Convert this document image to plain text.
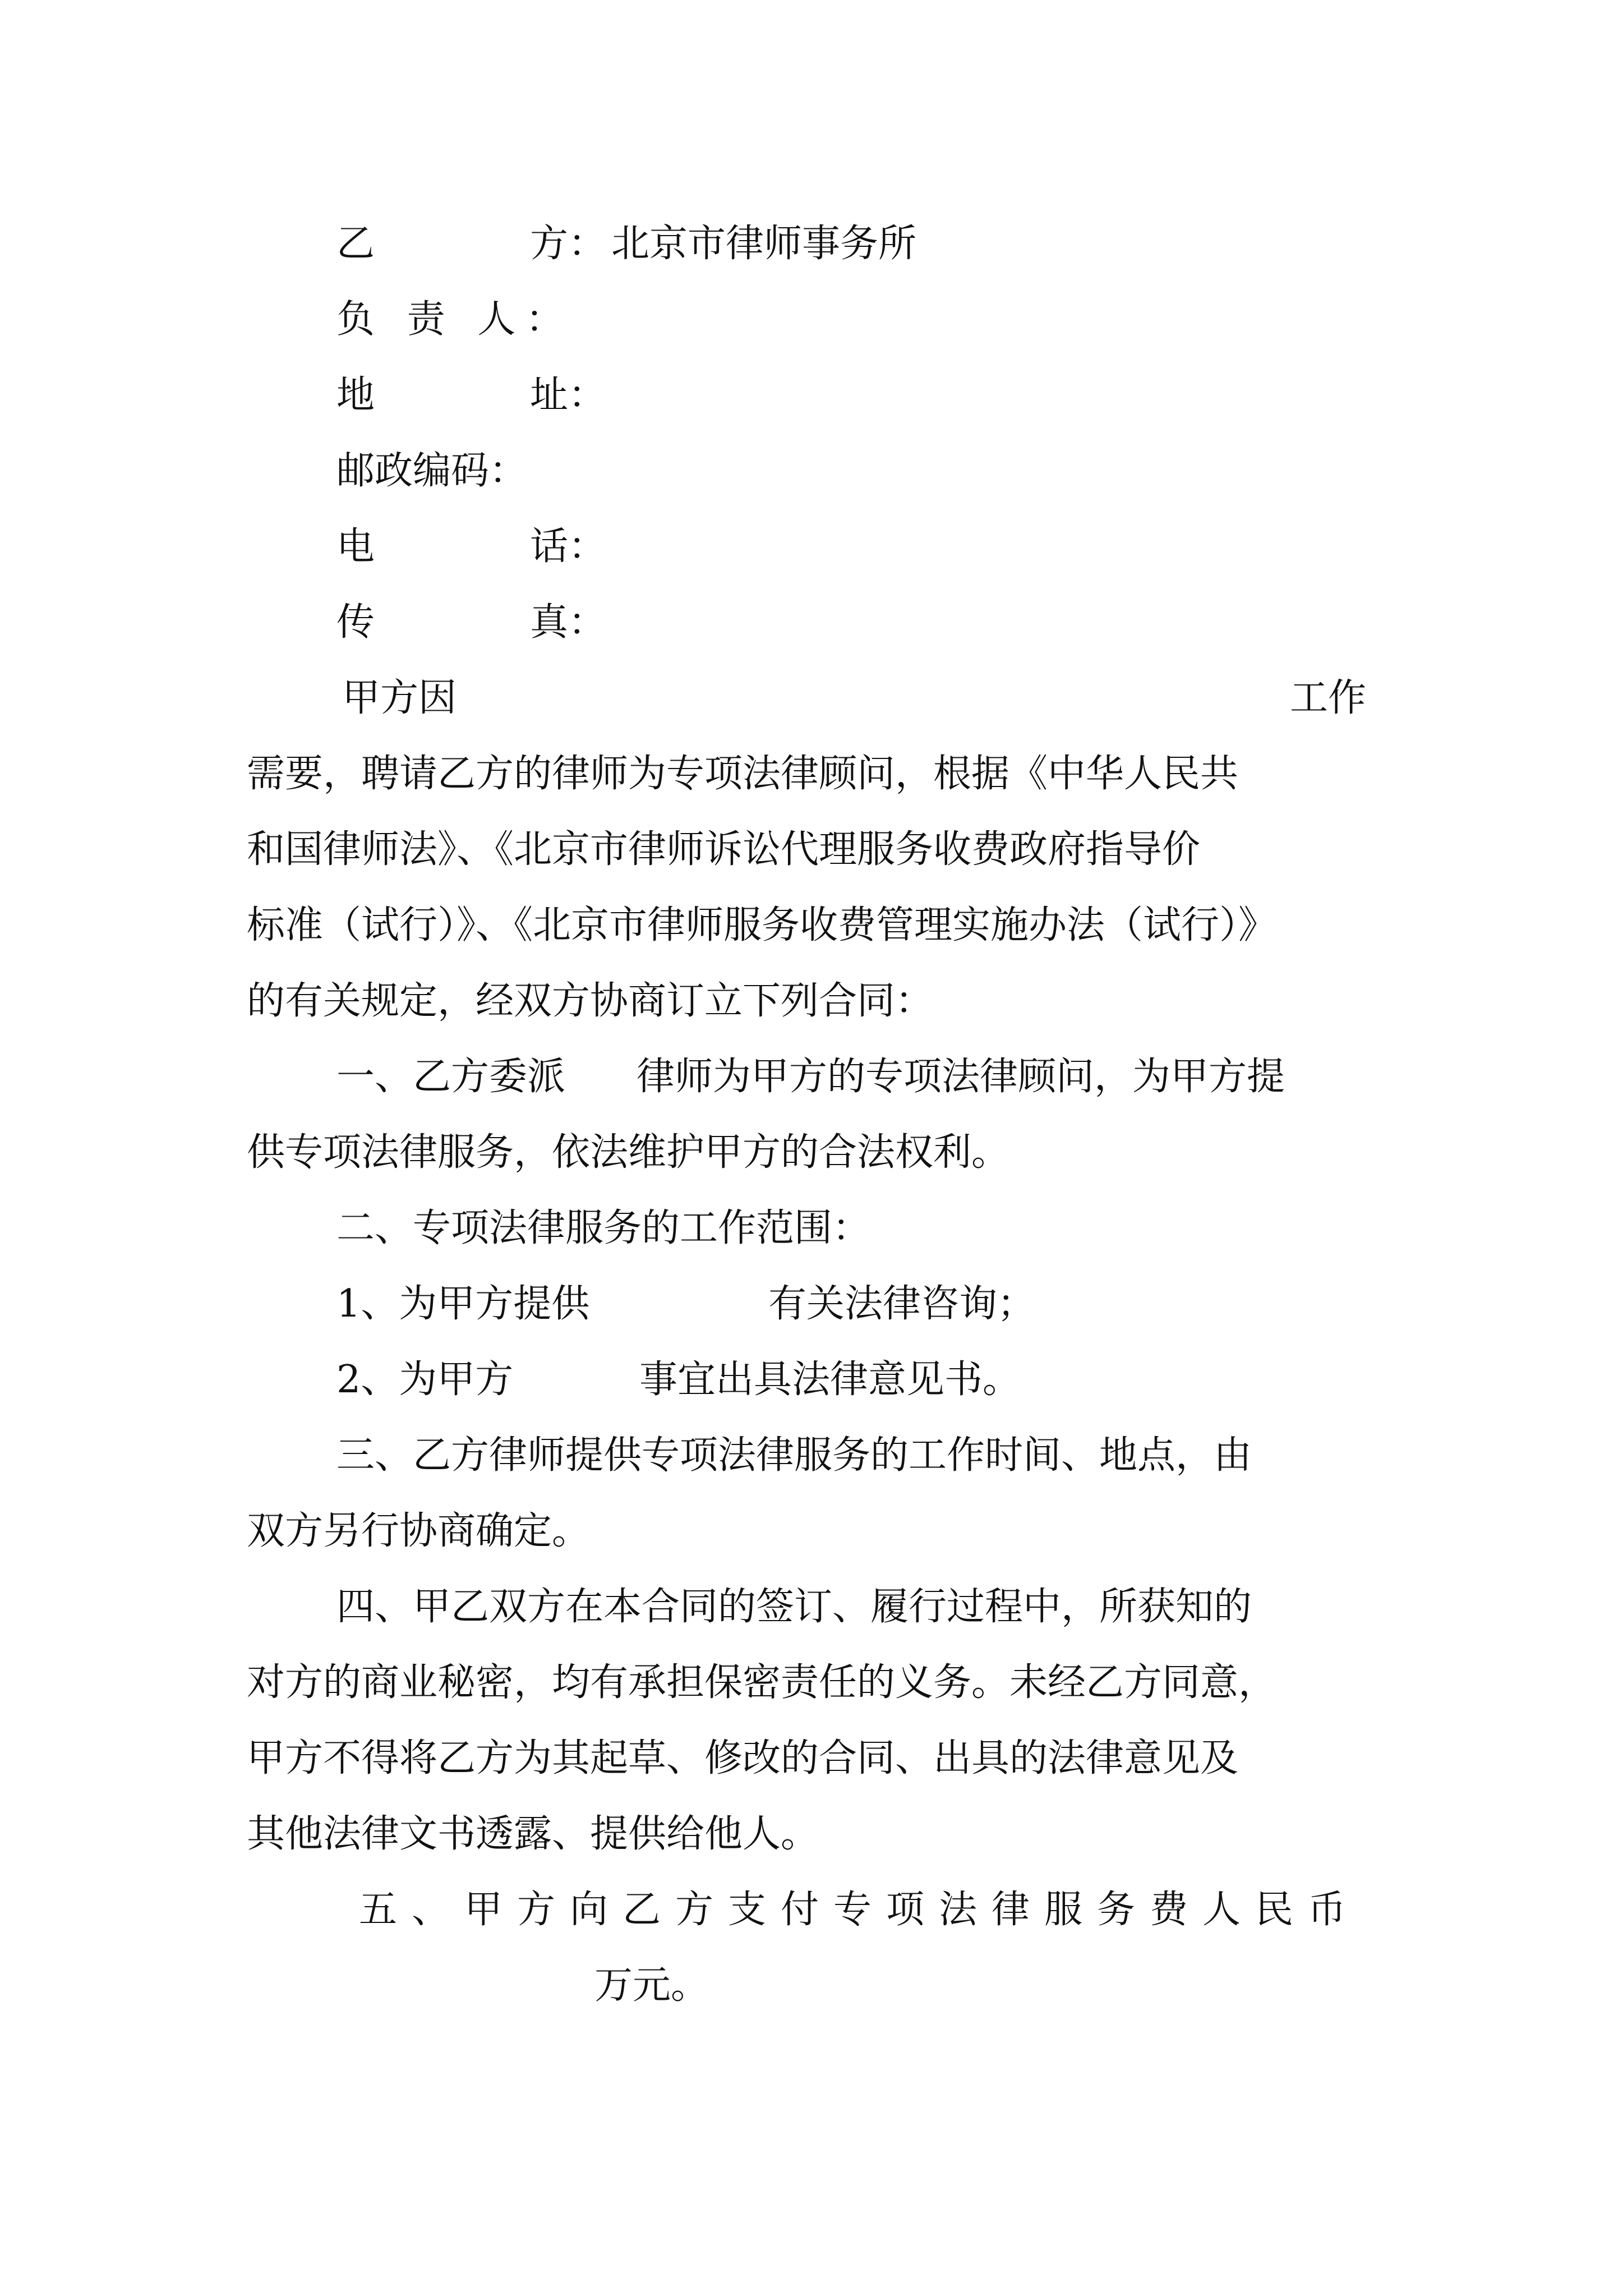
乙	方： 北京市律师事务所
负 责 人：
地	址：
邮政编码：
电	话：
传	真：
甲方因	工作
需要，聘请乙方的律师为专项法律顾问，根据《中华人民共
和国律师法》、《北京市律师诉讼代理服务收费政府指导价
标准（试行）》、《北京市律师服务收费管理实施办法（试行）》
的有关规定，经双方协商订立下列合同：
一、乙方委派 律师为甲方的专项法律顾问，为甲方提
供专项法律服务，依法维护甲方的合法权利。
二、专项法律服务的工作范围：
1、为甲方提供	有关法律咨询；
2、为甲方	事宜出具法律意见书。
三、乙方律师提供专项法律服务的工作时间、地点，由
双方另行协商确定。
四、甲乙双方在本合同的签订、履行过程中，所获知的
对方的商业秘密，均有承担保密责任的义务。未经乙方同意，
甲方不得将乙方为其起草、修改的合同、出具的法律意见及
其他法律文书透露、提供给他人。
五、甲方向乙方支付专项法律服务费人民币
万元。
